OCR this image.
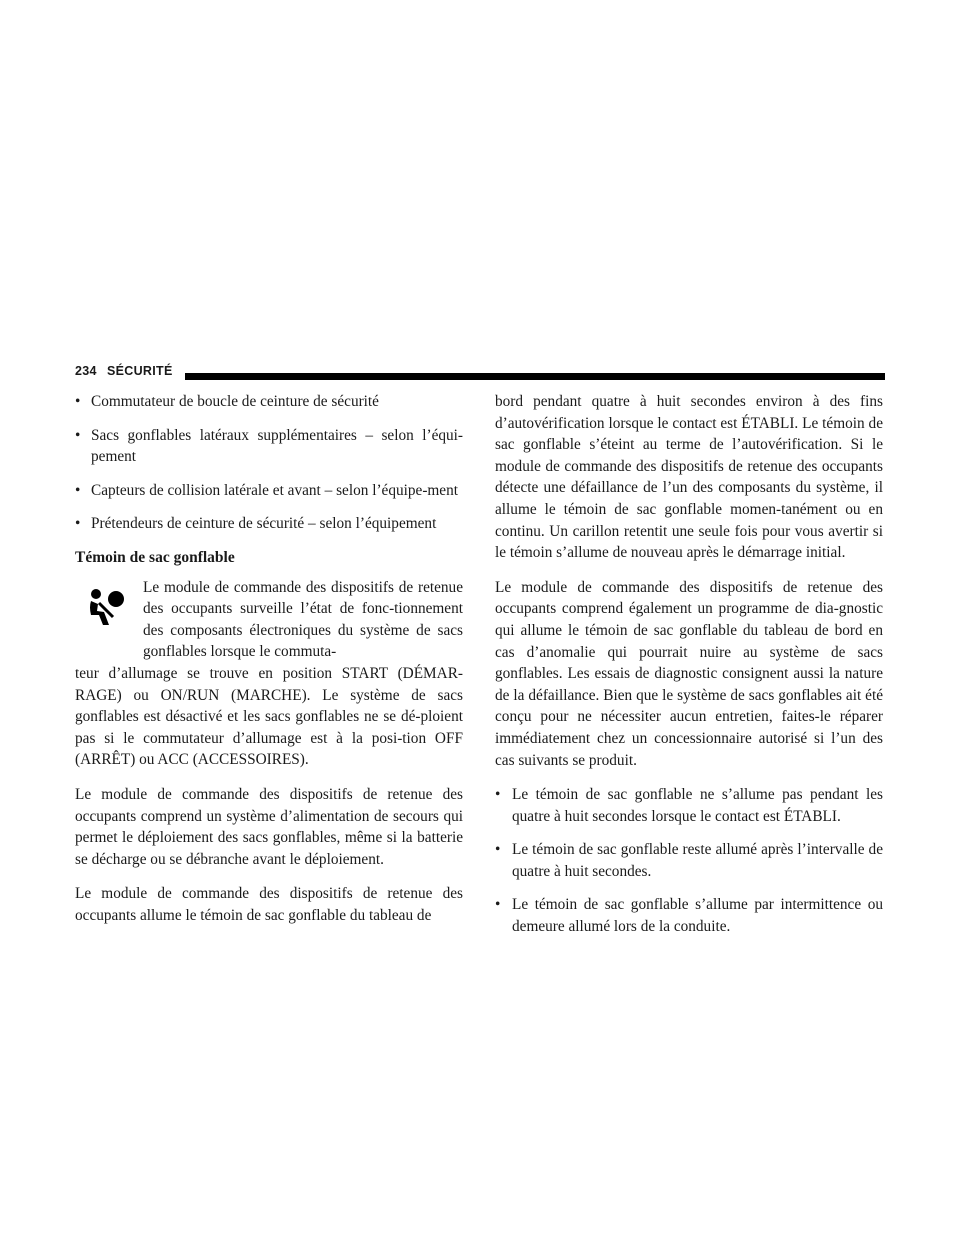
234 SÉCURITÉ
• Commutateur de boucle de ceinture de sécurité
• Sacs gonflables latéraux supplémentaires – selon l’équi-pement
• Capteurs de collision latérale et avant – selon l’équipe-ment
• Prétendeurs de ceinture de sécurité – selon l’équipement
Témoin de sac gonflable
Le module de commande des dispositifs de retenue des occupants surveille l’état de fonc-tionnement des composants électroniques du système de sacs gonflables lorsque le commuta-

teur d’allumage se trouve en position START (DÉMAR-RAGE) ou ON/RUN (MARCHE). Le système de sacs gonflables est désactivé et les sacs gonflables ne se dé-ploient pas si le commutateur d’allumage est à la posi-tion OFF (ARRÊT) ou ACC (ACCESSOIRES).

Le module de commande des dispositifs de retenue des occupants comprend un système d’alimentation de secours qui permet le déploiement des sacs gonflables, même si la batterie se décharge ou se débranche avant le déploiement.

Le module de commande des dispositifs de retenue des occupants allume le témoin de sac gonflable du tableau de

bord pendant quatre à huit secondes environ à des fins d’autovérification lorsque le contact est ÉTABLI. Le témoin de sac gonflable s’éteint au terme de l’autovérification. Si le module de commande des dispositifs de retenue des occupants détecte une défaillance de l’un des composants du système, il allume le témoin de sac gonflable momen-tanément ou en continu. Un carillon retentit une seule fois pour vous avertir si le témoin s’allume de nouveau après le démarrage initial.

Le module de commande des dispositifs de retenue des occupants comprend également un programme de dia-gnostic qui allume le témoin de sac gonflable du tableau de bord en cas d’anomalie qui pourrait nuire au système de sacs gonflables. Les essais de diagnostic consignent aussi la nature de la défaillance. Bien que le système de sacs gonflables ait été conçu pour ne nécessiter aucun entretien, faites-le réparer immédiatement chez un concessionnaire autorisé si l’un des cas suivants se produit.

• Le témoin de sac gonflable ne s’allume pas pendant les quatre à huit secondes lorsque le contact est ÉTABLI.
• Le témoin de sac gonflable reste allumé après l’intervalle de quatre à huit secondes.
• Le témoin de sac gonflable s’allume par intermittence ou demeure allumé lors de la conduite.
